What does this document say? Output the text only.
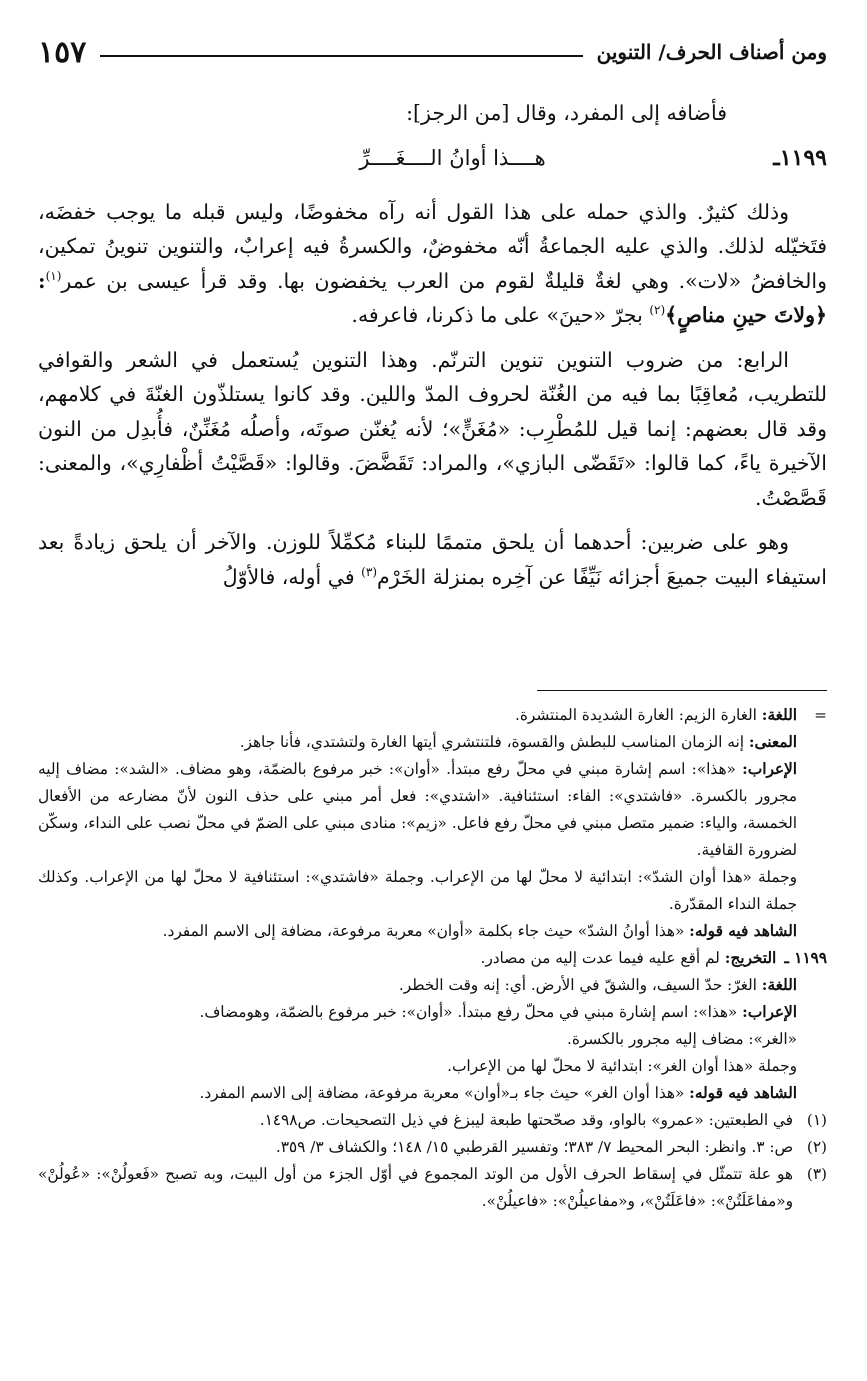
ومن أصناف الحرف/ التنوين
١٥٧

فأضافه إلى المفرد، وقال [من الرجز]:

١١٩٩ـ
هــــذا أوانُ الــــغَــــرِّ

وذلك كثيرٌ. والذي حمله على هذا القول أنه رآه مخفوضًا، وليس قبله ما يوجب خفضَه، فتَخيّله لذلك. والذي عليه الجماعةُ أنّه مخفوضٌ، والكسرةُ فيه إعرابٌ، والتنوين تنوينُ تمكين، والخافضُ «لات». وهي لغةٌ قليلةٌ لقوم من العرب يخفضون بها. وقد قرأ عيسى بن عمر$^{(١)}$: ﴿ولاتَ حينِ مناصٍ﴾$^{(٢)}$ بجرّ «حينَ» على ما ذكرنا، فاعرفه.

الرابع: من ضروب التنوين تنوين الترنّم. وهذا التنوين يُستعمل في الشعر والقوافي للتطريب، مُعاقِبًا بما فيه من الغُنّة لحروف المدّ واللين. وقد كانوا يستلذّون الغنّةَ في كلامهم، وقد قال بعضهم: إنما قيل للمُطْرِب: «مُغَنٍّ»؛ لأنه يُغنّن صوتَه، وأصلُه مُغَنِّنٌ، فأُبدِل من النون الآخيرة ياءً، كما قالوا: «تَقَضّى البازي»، والمراد: تَقَضَّضَ. وقالوا: «قَصَّيْتُ أظْفارِي»، والمعنى: قَصَّصْتُ.

وهو على ضربين: أحدهما أن يلحق متممًا للبناء مُكمِّلاً للوزن. والآخر أن يلحق زيادةً بعد استيفاء البيت جميعَ أجزائه نَيِّفًا عن آخِره بمنزلة الخَرْم$^{(٣)}$ في أوله، فالأوّلُ

=

اللغة: الغارة الزيم: الغارة الشديدة المنتشرة.

المعنى: إنه الزمان المناسب للبطش والقسوة، فلتنتشري أيتها الغارة ولتشتدي، فأنا جاهز.

الإعراب: «هذا»: اسم إشارة مبني في محلّ رفع مبتدأ. «أوان»: خبر مرفوع بالضمّة، وهو مضاف. «الشد»: مضاف إليه مجرور بالكسرة. «فاشتدي»: الفاء: استئنافية. «اشتدي»: فعل أمر مبني على حذف النون لأنّ مضارعه من الأفعال الخمسة، والياء: ضمير متصل مبني في محلّ رفع فاعل. «زيم»: منادى مبني على الضمّ في محلّ نصب على النداء، وسكّن لضرورة القافية.

وجملة «هذا أوان الشدّ»: ابتدائية لا محلّ لها من الإعراب. وجملة «فاشتدي»: استئنافية لا محلّ لها من الإعراب. وكذلك جملة النداء المقدّرة.

الشاهد فيه قوله: «هذا أوانُ الشدّ» حيث جاء بكلمة «أوان» معربة مرفوعة، مضافة إلى الاسم المفرد.

١١٩٩ ـ

التخريج: لم أقع عليه فيما عدت إليه من مصادر.

اللغة: الغرّ: حدّ السيف، والشقّ في الأرض. أي: إنه وقت الخطر.

الإعراب: «هذا»: اسم إشارة مبني في محلّ رفع مبتدأ. «أوان»: خبر مرفوع بالضمّة، وهومضاف.

«الغر»: مضاف إليه مجرور بالكسرة.

وجملة «هذا أوان الغر»: ابتدائية لا محلّ لها من الإعراب.

الشاهد فيه قوله: «هذا أوان الغر» حيث جاء بـ«أوان» معربة مرفوعة، مضافة إلى الاسم المفرد.

(١)
في الطبعتين: «عمرو» بالواو، وقد صحّحتها طبعة ليبزغ في ذيل التصحيحات. ص١٤٩٨.
(٢)
ص: ٣. وانظر: البحر المحيط ٧/ ٣٨٣؛ وتفسير القرطبي ١٥/ ١٤٨؛ والكشاف ٣/ ٣٥٩.
(٣)
هو علة تتمثّل في إسقاط الحرف الأول من الوتد المجموع في أوّل الجزء من أول البيت، وبه تصبح «فَعولُنْ»: «عُولُنْ» و«مفاعَلَتُنْ»: «فاعَلَتُنْ»، و«مفاعيلُنْ»: «فاعيلُنْ».
